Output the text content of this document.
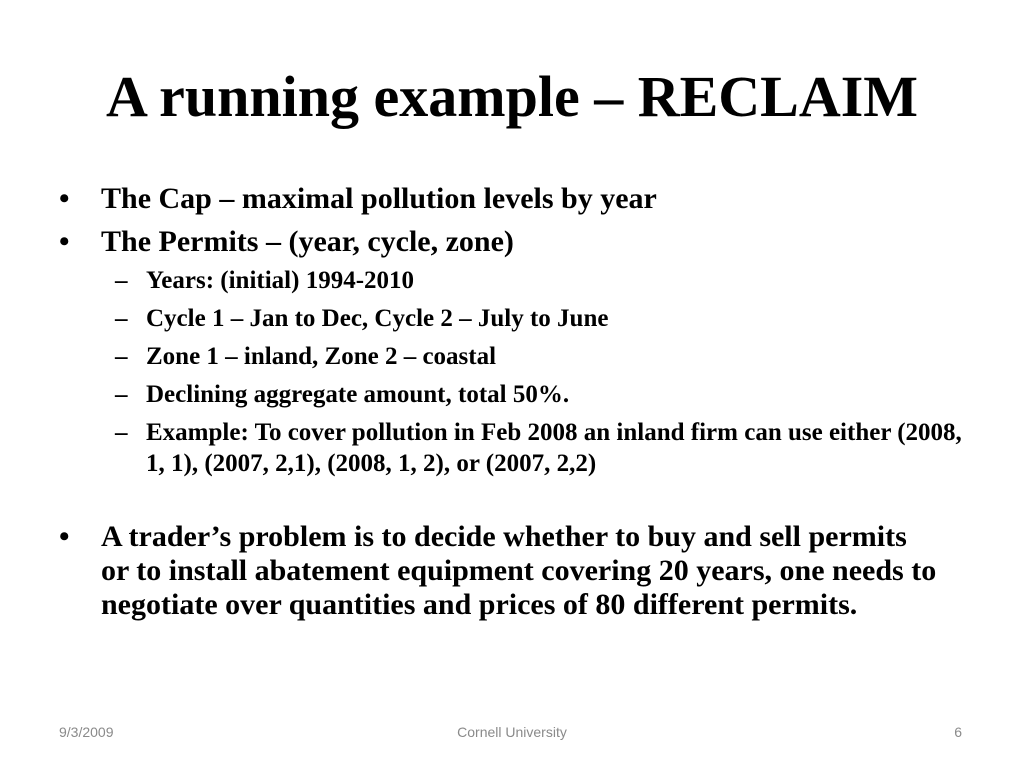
A running example – RECLAIM
• The Cap – maximal pollution levels by year
• The Permits – (year, cycle, zone)
– Years: (initial) 1994-2010
– Cycle 1 – Jan to Dec, Cycle 2 – July to June
– Zone 1 – inland, Zone 2 – coastal
– Declining aggregate amount, total 50%.
– Example: To cover pollution in Feb 2008 an inland firm can use either (2008, 1, 1), (2007, 2,1), (2008, 1, 2), or (2007, 2,2)
• A trader’s problem is to decide whether to buy and sell permits or to install abatement equipment covering 20 years, one needs to negotiate over quantities and prices of 80 different permits.
9/3/2009	Cornell University	6
